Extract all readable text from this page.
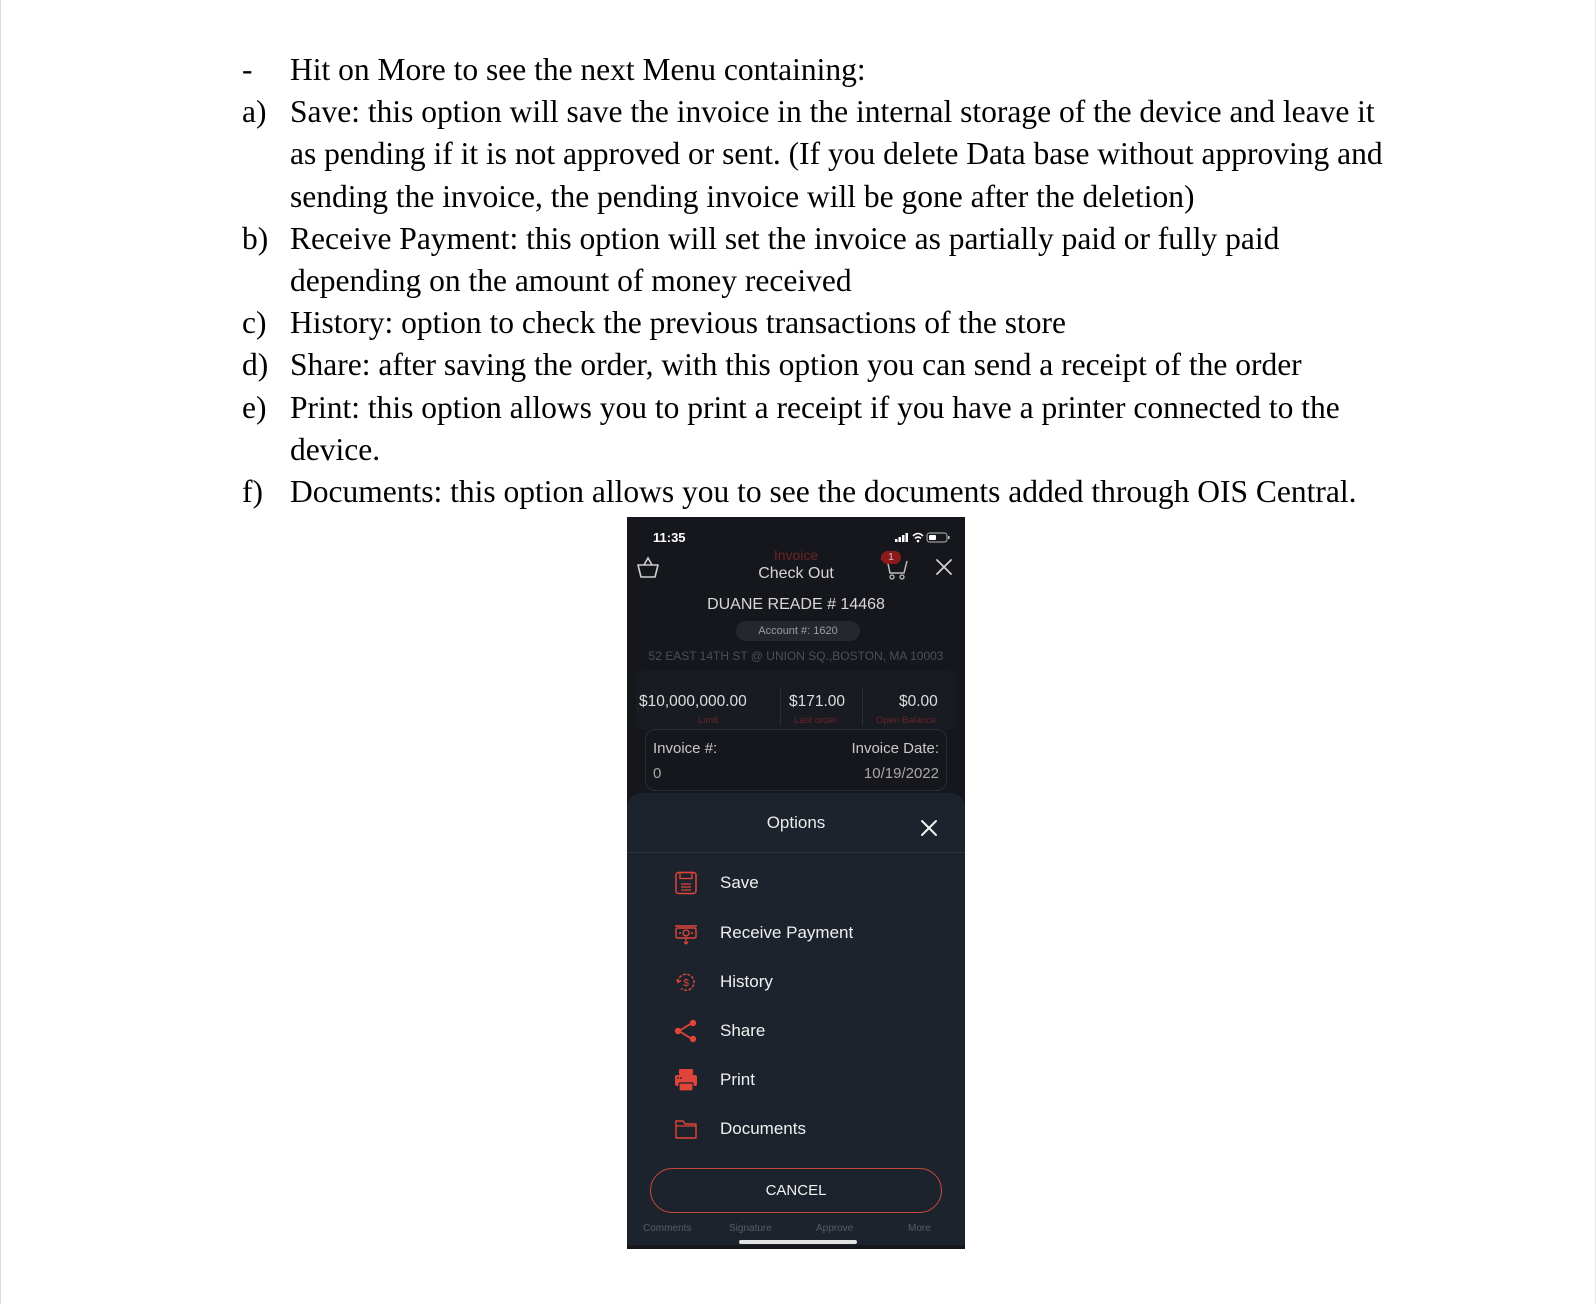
-	Hit on More to see the next Menu containing:
a) Save: this option will save the invoice in the internal storage of the device and leave it as pending if it is not approved or sent. (If you delete Data base without approving and sending the invoice, the pending invoice will be gone after the deletion)
b) Receive Payment: this option will set the invoice as partially paid or fully paid depending on the amount of money received
c) History: option to check the previous transactions of the store
d) Share: after saving the order, with this option you can send a receipt of the order
e) Print: this option allows you to print a receipt if you have a printer connected to the device.
f) Documents: this option allows you to see the documents added through OIS Central.
11:35
Invoice
Check Out
1
DUANE READE # 14468
Account #: 1620
52 EAST 14TH ST @ UNION SQ.,BOSTON, MA 10003
$10,000,000.00
Limit
$171.00
Last order
$0.00
Open Balance
Invoice #:
0
Invoice Date:
10/19/2022
Options
Save
Receive Payment
$ History
Share
Print
Documents
CANCEL
Comments	Signature	Approve	More
